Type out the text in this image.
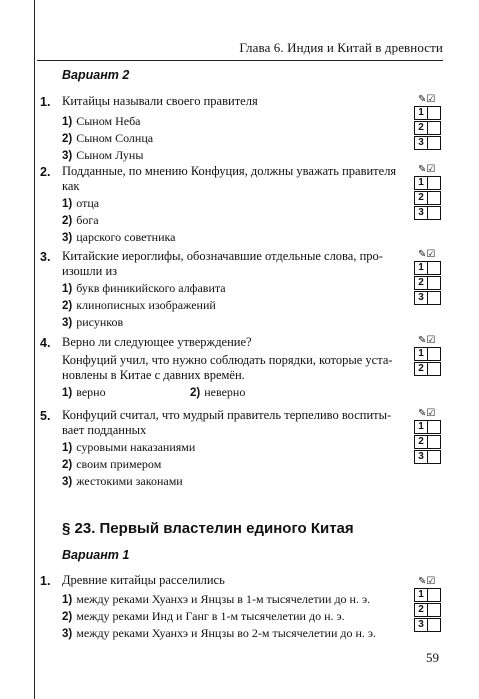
Глава 6. Индия и Китай в древности
Вариант 2
1. Китайцы называли своего правителя
1) Сыном Неба
2) Сыном Солнца
3) Сыном Луны
✎☑
1
2
3
2. Подданные, по мнению Конфуция, должны уважать правителя как
1) отца
2) бога
3) царского советника
✎☑
1
2
3
3. Китайские иероглифы, обозначавшие отдельные слова, про-изошли из
1) букв финикийского алфавита
2) клинописных изображений
3) рисунков
✎☑
1
2
3
4. Верно ли следующее утверждение?
Конфуций учил, что нужно соблюдать порядки, которые уста-новлены в Китае с давних времён.
1) верно	2) неверно
✎☑
1
2
5. Конфуций считал, что мудрый правитель терпеливо воспиты-вает подданных
1) суровыми наказаниями
2) своим примером
3) жестокими законами
✎☑
1
2
3
§ 23. Первый властелин единого Китая
Вариант 1
1. Древние китайцы расселились
1) между реками Хуанхэ и Янцзы в 1-м тысячелетии до н. э.
2) между реками Инд и Ганг в 1-м тысячелетии до н. э.
3) между реками Хуанхэ и Янцзы во 2-м тысячелетии до н. э.
✎☑
1
2
3
59
